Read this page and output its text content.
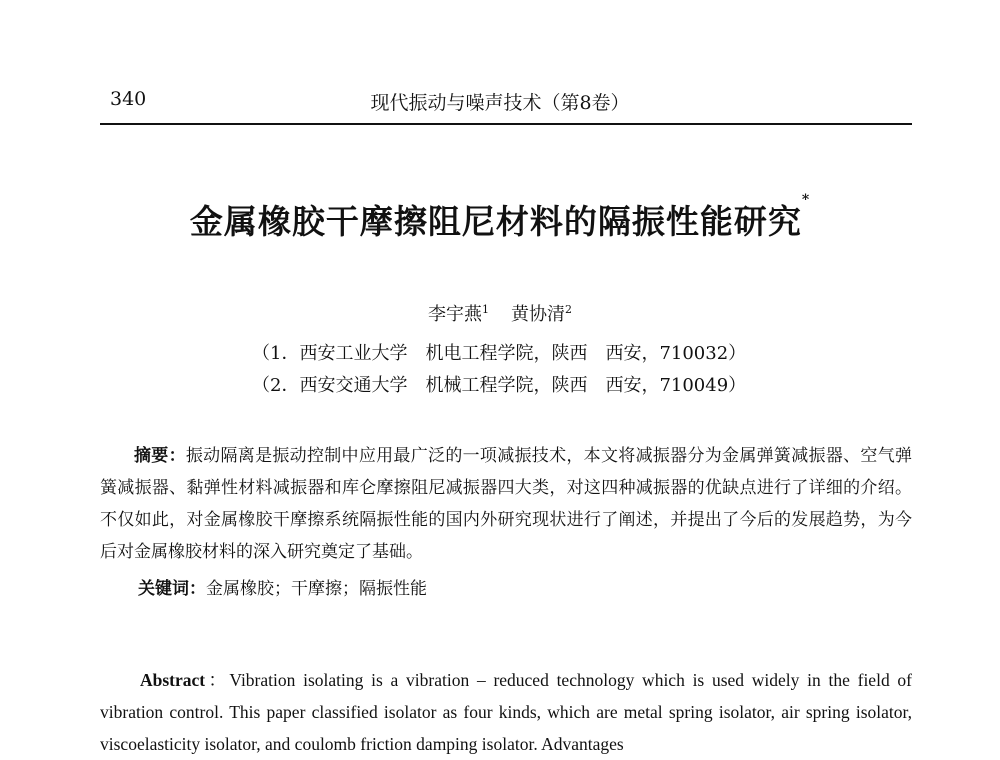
340	现代振动与噪声技术（第8卷）
金属橡胶干摩擦阻尼材料的隔振性能研究*
李宇燕$^1$ 黄协清$^2$
（1．西安工业大学　机电工程学院，陕西　西安，710032）
（2．西安交通大学　机械工程学院，陕西　西安，710049）
摘要：振动隔离是振动控制中应用最广泛的一项减振技术，本文将减振器分为金属弹簧减振器、空气弹簧减振器、黏弹性材料减振器和库仑摩擦阻尼减振器四大类，对这四种减振器的优缺点进行了详细的介绍。不仅如此，对金属橡胶干摩擦系统隔振性能的国内外研究现状进行了阐述，并提出了今后的发展趋势，为今后对金属橡胶材料的深入研究奠定了基础。
关键词：金属橡胶；干摩擦；隔振性能
Abstract：Vibration isolating is a vibration – reduced technology which is used widely in the field of vibration control. This paper classified isolator as four kinds, which are metal spring isolator, air spring isolator, viscoelasticity isolator, and coulomb friction damping isolator. Advantages
